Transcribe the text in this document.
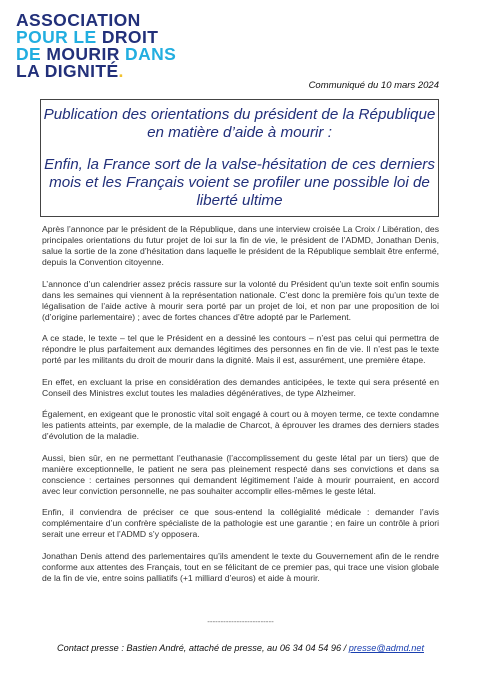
ASSOCIATION
POUR LE DROIT
DE MOURIR DANS
LA DIGNITÉ.
Communiqué du 10 mars 2024

Publication des orientations du président de la République en matière d’aide à mourir :

Enfin, la France sort de la valse-hésitation de ces derniers mois et les Français voient se profiler une possible loi de liberté ultime

Après l’annonce par le président de la République, dans une interview croisée La Croix / Libération, des principales orientations du futur projet de loi sur la fin de vie, le président de l’ADMD, Jonathan Denis, salue la sortie de la zone d’hésitation dans laquelle le président de la République semblait être enfermé, depuis la Convention citoyenne.

L’annonce d’un calendrier assez précis rassure sur la volonté du Président qu’un texte soit enfin soumis dans les semaines qui viennent à la représentation nationale. C’est donc la première fois qu’un texte de légalisation de l’aide active à mourir sera porté par un projet de loi, et non par une proposition de loi (d’origine parlementaire) ; avec de fortes chances d’être adopté par le Parlement.

A ce stade, le texte – tel que le Président en a dessiné les contours – n’est pas celui qui permettra de répondre le plus parfaitement aux demandes légitimes des personnes en fin de vie. Il n’est pas le texte porté par les militants du droit de mourir dans la dignité. Mais il est, assurément, une première étape.

En effet, en excluant la prise en considération des demandes anticipées, le texte qui sera présenté en Conseil des Ministres exclut toutes les maladies dégénératives, de type Alzheimer.

Également, en exigeant que le pronostic vital soit engagé à court ou à moyen terme, ce texte condamne les patients atteints, par exemple, de la maladie de Charcot, à éprouver les drames des derniers stades d’évolution de la maladie.

Aussi, bien sûr, en ne permettant l’euthanasie (l’accomplissement du geste létal par un tiers) que de manière exceptionnelle, le patient ne sera pas pleinement respecté dans ses convictions et dans sa conscience : certaines personnes qui demandent légitimement l’aide à mourir pourraient, en accord avec leur conviction personnelle, ne pas souhaiter accomplir elles-mêmes le geste létal.

Enfin, il conviendra de préciser ce que sous-entend la collégialité médicale : demander l’avis complémentaire d’un confrère spécialiste de la pathologie est une garantie ; en faire un contrôle à priori serait une erreur et l’ADMD s’y opposera.

Jonathan Denis attend des parlementaires qu’ils amendent le texte du Gouvernement afin de le rendre conforme aux attentes des Français, tout en se félicitant de ce premier pas, qui trace une vision globale de la fin de vie, entre soins palliatifs (+1 milliard d’euros) et aide à mourir.

-------------------------
Contact presse : Bastien André, attaché de presse, au 06 34 04 54 96 / presse@admd.net
